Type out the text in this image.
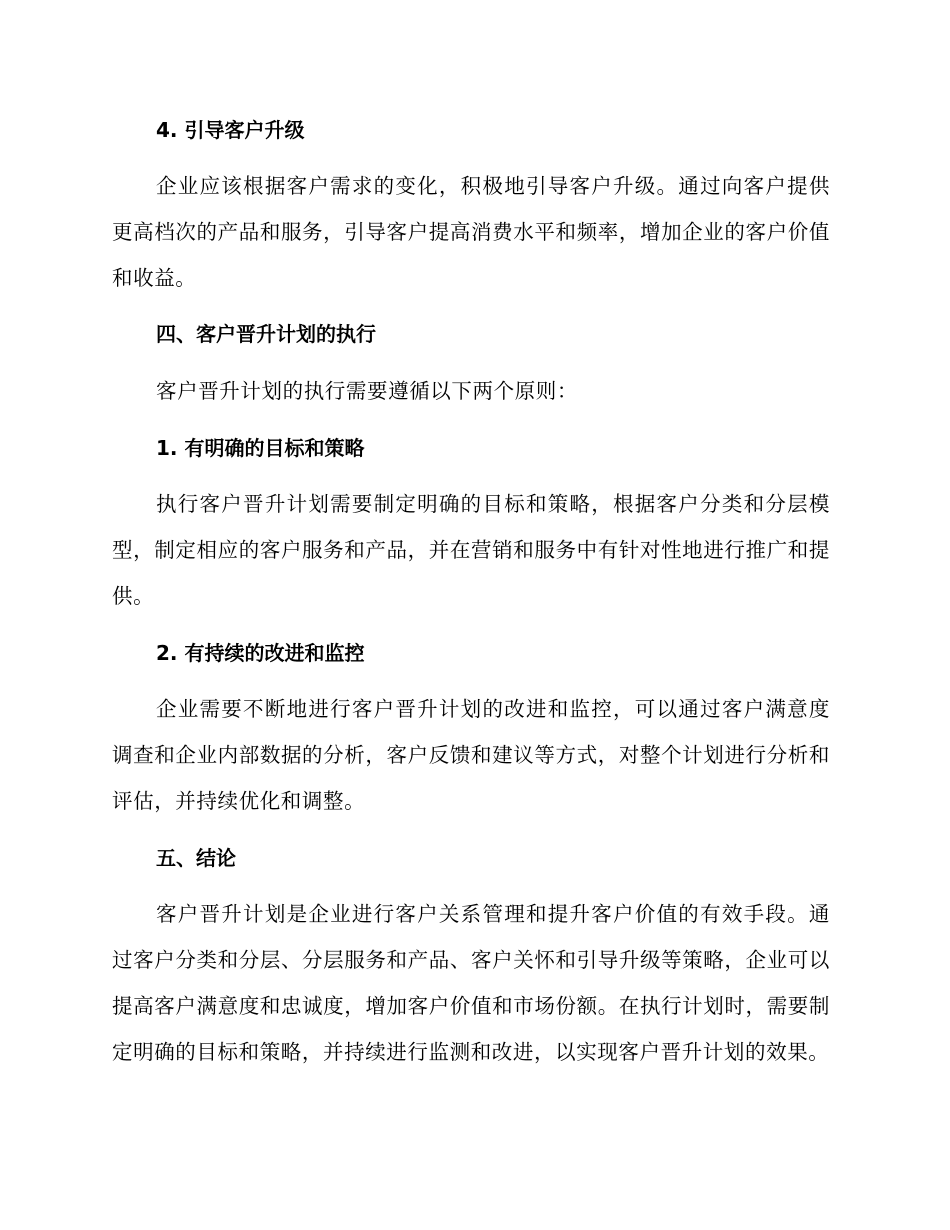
4. 引导客户升级

企业应该根据客户需求的变化，积极地引导客户升级。通过向客户提供更高档次的产品和服务，引导客户提高消费水平和频率，增加企业的客户价值和收益。

四、客户晋升计划的执行

客户晋升计划的执行需要遵循以下两个原则：

1. 有明确的目标和策略

执行客户晋升计划需要制定明确的目标和策略，根据客户分类和分层模型，制定相应的客户服务和产品，并在营销和服务中有针对性地进行推广和提供。

2. 有持续的改进和监控

企业需要不断地进行客户晋升计划的改进和监控，可以通过客户满意度调查和企业内部数据的分析，客户反馈和建议等方式，对整个计划进行分析和评估，并持续优化和调整。

五、结论

客户晋升计划是企业进行客户关系管理和提升客户价值的有效手段。通过客户分类和分层、分层服务和产品、客户关怀和引导升级等策略，企业可以提高客户满意度和忠诚度，增加客户价值和市场份额。在执行计划时，需要制定明确的目标和策略，并持续进行监测和改进，以实现客户晋升计划的效果。
